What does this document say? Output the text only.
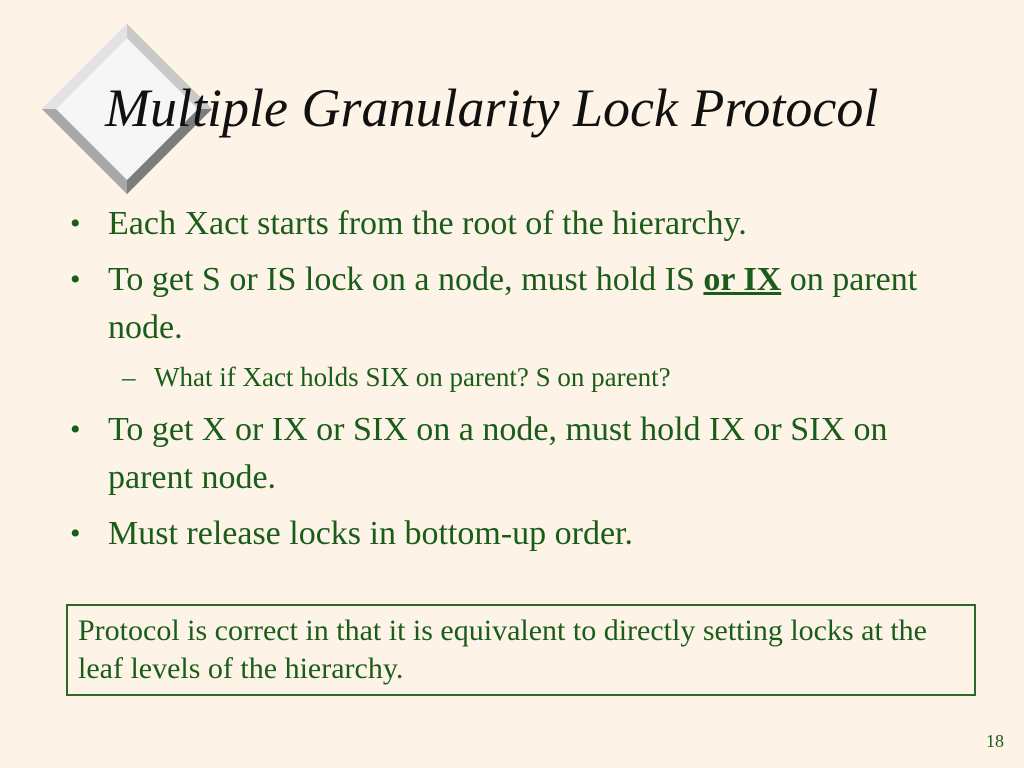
Multiple Granularity Lock Protocol
• Each Xact starts from the root of the hierarchy.
• To get S or IS lock on a node, must hold IS or IX on parent node.
– What if Xact holds SIX on parent? S on parent?
• To get X or IX or SIX on a node, must hold IX or SIX on parent node.
• Must release locks in bottom-up order.
Protocol is correct in that it is equivalent to directly setting locks at the leaf levels of the hierarchy.
18
